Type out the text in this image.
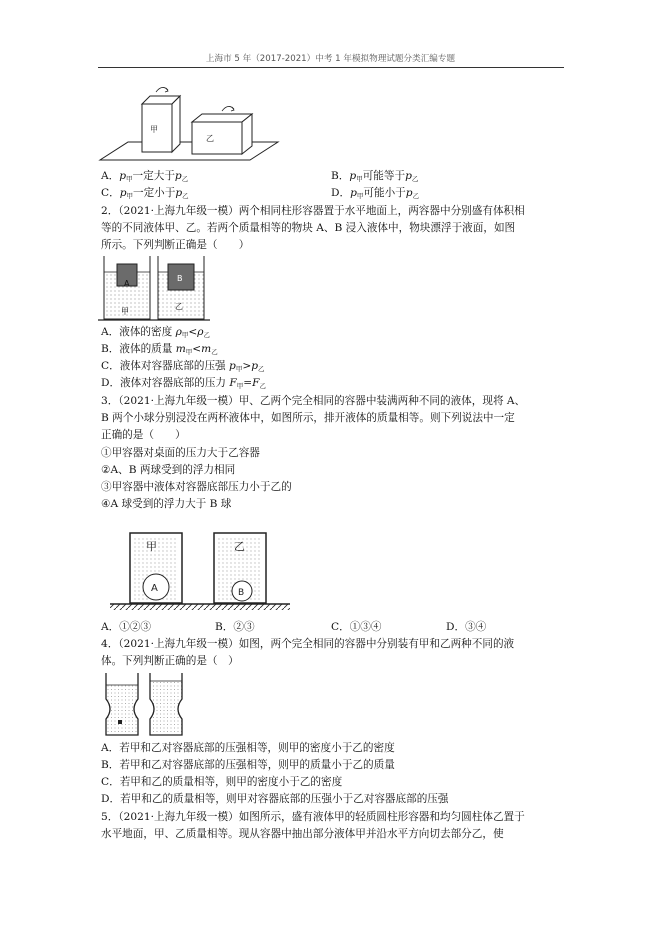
上海市 5 年（2017-2021）中考 1 年模拟物理试题分类汇编专题
甲
乙
A．$p_甲$一定大于$p_乙$	B．$p_甲$可能等于$p_乙$
C．$p_甲$一定小于$p_乙$	D．$p_甲$可能小于$p_乙$
2．（2021·上海九年级一模）两个相同柱形容器置于水平地面上，两容器中分别盛有体积相
等的不同液体甲、乙。若两个质量相等的物块 A、B 浸入液体中，物块漂浮于液面，如图
所示。下列判断正确是（　　）
A
甲
B
乙
A．液体的密度 $\rho_甲<\rho_乙$
B．液体的质量 $m_甲<m_乙$
C．液体对容器底部的压强 $p_甲>p_乙$
D．液体对容器底部的压力 $F_甲=F_乙$
3．（2021·上海九年级一模）甲、乙两个完全相同的容器中装满两种不同的液体，现将 A、
B 两个小球分别浸没在两杯液体中，如图所示，排开液体的质量相等。则下列说法中一定
正确的是（　　）
①甲容器对桌面的压力大于乙容器
②A、B 两球受到的浮力相同
③甲容器中液体对容器底部压力小于乙的
④A 球受到的浮力大于 B 球
甲
A
乙
B
A．①②③	B．②③	C．①③④	D．③④
4．（2021·上海九年级一模）如图，两个完全相同的容器中分别装有甲和乙两种不同的液
体。下列判断正确的是（　）
A．若甲和乙对容器底部的压强相等，则甲的密度小于乙的密度
B．若甲和乙对容器底部的压强相等，则甲的质量小于乙的质量
C．若甲和乙的质量相等，则甲的密度小于乙的密度
D．若甲和乙的质量相等，则甲对容器底部的压强小于乙对容器底部的压强
5．（2021·上海九年级一模）如图所示，盛有液体甲的轻质圆柱形容器和均匀圆柱体乙置于
水平地面，甲、乙质量相等。现从容器中抽出部分液体甲并沿水平方向切去部分乙，使
